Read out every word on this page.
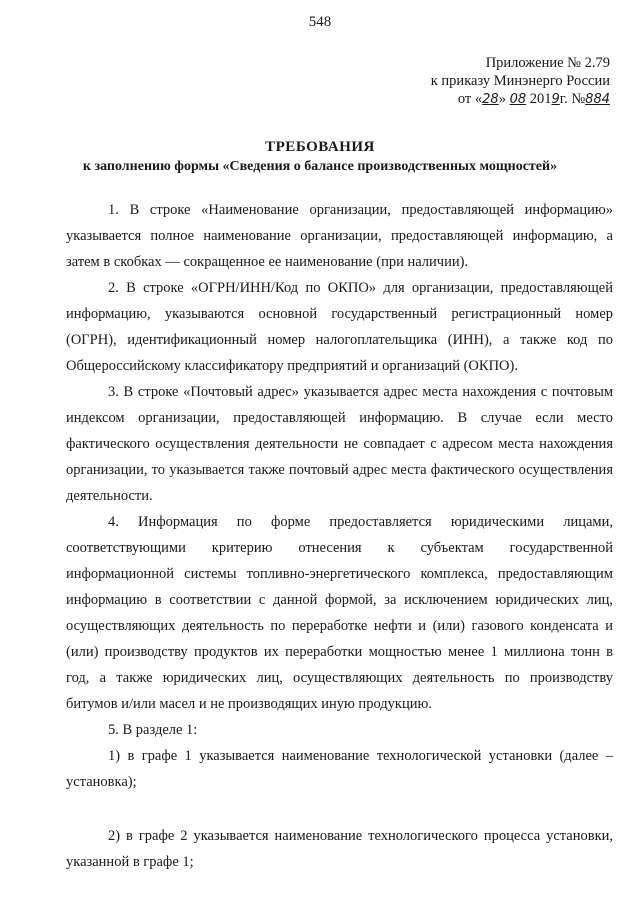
548
Приложение № 2.79
к приказу Минэнерго России
от «28» 08 2019г. №884
ТРЕБОВАНИЯ
к заполнению формы «Сведения о балансе производственных мощностей»

1. В строке «Наименование организации, предоставляющей информацию» указывается полное наименование организации, предоставляющей информацию, а затем в скобках — сокращенное ее наименование (при наличии).

2. В строке «ОГРН/ИНН/Код по ОКПО» для организации, предоставляющей информацию, указываются основной государственный регистрационный номер (ОГРН), идентификационный номер налогоплательщика (ИНН), а также код по Общероссийскому классификатору предприятий и организаций (ОКПО).

3. В строке «Почтовый адрес» указывается адрес места нахождения с почтовым индексом организации, предоставляющей информацию. В случае если место фактического осуществления деятельности не совпадает с адресом места нахождения организации, то указывается также почтовый адрес места фактического осуществления деятельности.

4. Информация по форме предоставляется юридическими лицами, соответствующими критерию отнесения к субъектам государственной информационной системы топливно-энергетического комплекса, предоставляющим информацию в соответствии с данной формой, за исключением юридических лиц, осуществляющих деятельность по переработке нефти и (или) газового конденсата и (или) производству продуктов их переработки мощностью менее 1 миллиона тонн в год, а также юридических лиц, осуществляющих деятельность по производству битумов и/или масел и не производящих иную продукцию.

5. В разделе 1:

1) в графе 1 указывается наименование технологической установки (далее – установка);

2) в графе 2 указывается наименование технологического процесса установки, указанной в графе 1;
